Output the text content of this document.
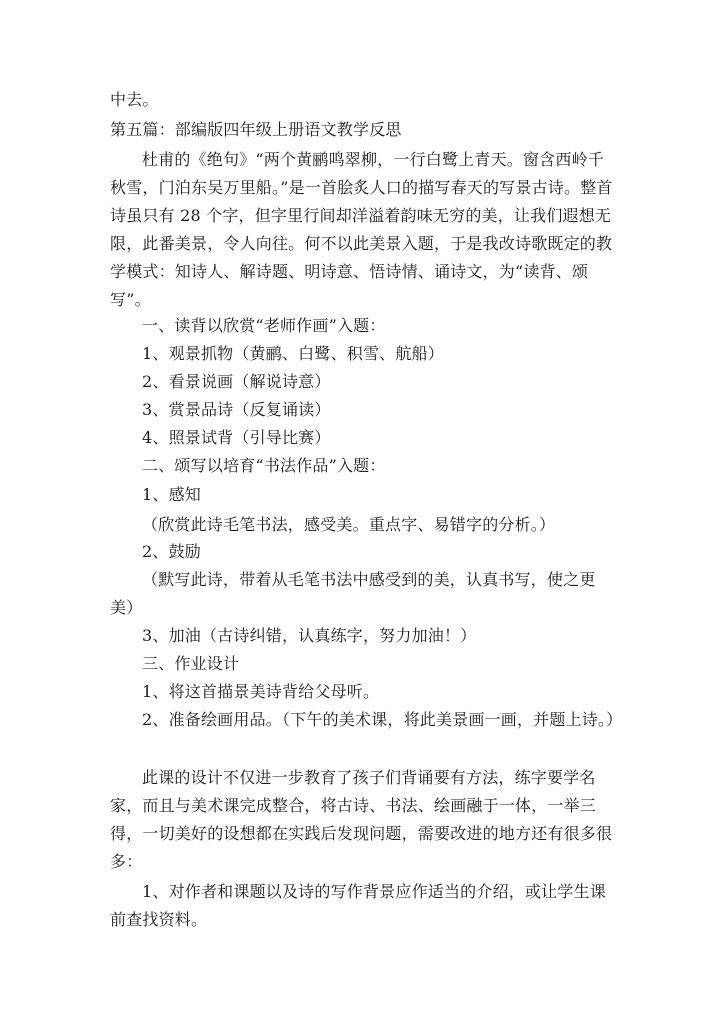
中去。
第五篇：部编版四年级上册语文教学反思
杜甫的《绝句》“两个黄鹂鸣翠柳，一行白鹭上青天。窗含西岭千秋雪，门泊东吴万里船。”是一首脍炙人口的描写春天的写景古诗。整首诗虽只有 28 个字，但字里行间却洋溢着韵味无穷的美，让我们遐想无限，此番美景，令人向往。何不以此美景入题，于是我改诗歌既定的教学模式：知诗人、解诗题、明诗意、悟诗情、诵诗文，为“读背、颂写”。
一、读背以欣赏“老师作画”入题：
1、观景抓物（黄鹂、白鹭、积雪、航船）
2、看景说画（解说诗意）
3、赏景品诗（反复诵读）
4、照景试背（引导比赛）
二、颂写以培育“书法作品”入题：
1、感知
（欣赏此诗毛笔书法，感受美。重点字、易错字的分析。）
2、鼓励
（默写此诗，带着从毛笔书法中感受到的美，认真书写，使之更美）
3、加油（古诗纠错，认真练字，努力加油！）
三、作业设计
1、将这首描景美诗背给父母听。
2、准备绘画用品。（下午的美术课，将此美景画一画，并题上诗。）
此课的设计不仅进一步教育了孩子们背诵要有方法，练字要学名家，而且与美术课完成整合，将古诗、书法、绘画融于一体，一举三得，一切美好的设想都在实践后发现问题，需要改进的地方还有很多很多：
1、对作者和课题以及诗的写作背景应作适当的介绍，或让学生课前查找资料。
